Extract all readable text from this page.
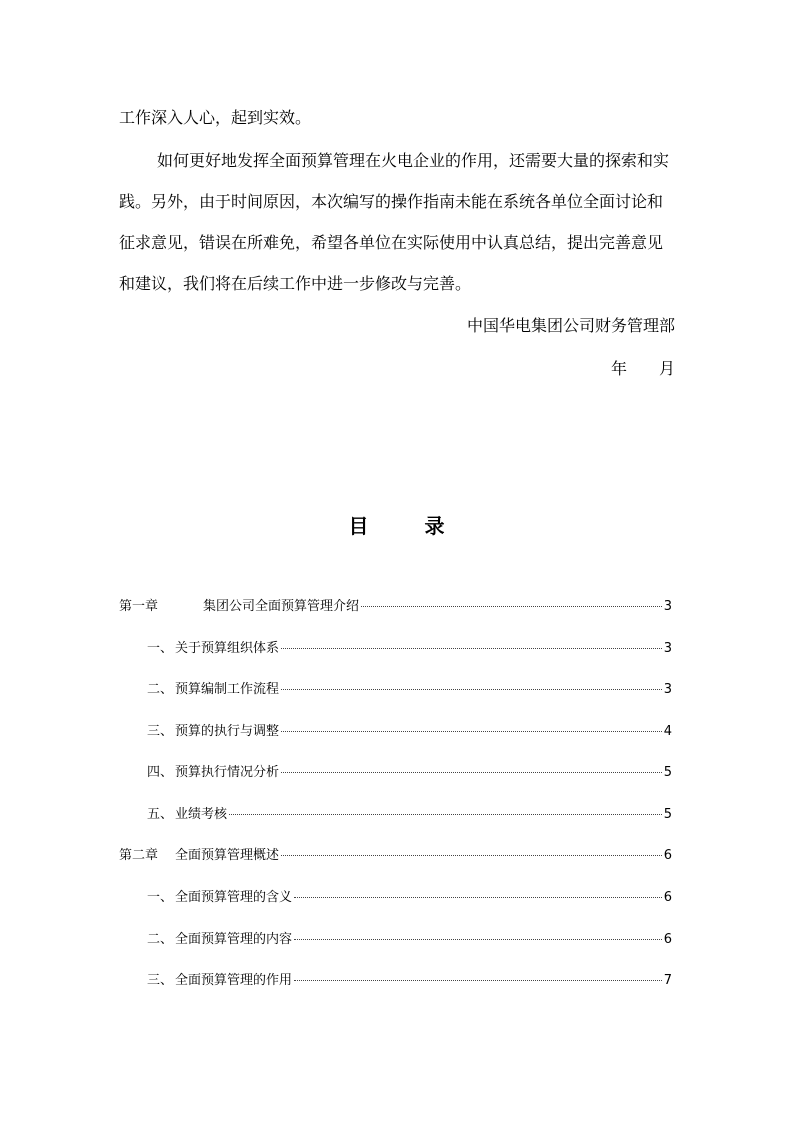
工作深入人心，起到实效。

如何更好地发挥全面预算管理在火电企业的作用，还需要大量的探索和实践。另外，由于时间原因，本次编写的操作指南未能在系统各单位全面讨论和征求意见，错误在所难免，希望各单位在实际使用中认真总结，提出完善意见和建议，我们将在后续工作中进一步修改与完善。

中国华电集团公司财务管理部

年 月

目	录
第一章	集团公司全面预算管理介绍	3
一、 关于预算组织体系	3
二、 预算编制工作流程	3
三、 预算的执行与调整	4
四、 预算执行情况分析	5
五、 业绩考核	5
第二章	全面预算管理概述	6
一、 全面预算管理的含义	6
二、 全面预算管理的内容	6
三、 全面预算管理的作用	7
